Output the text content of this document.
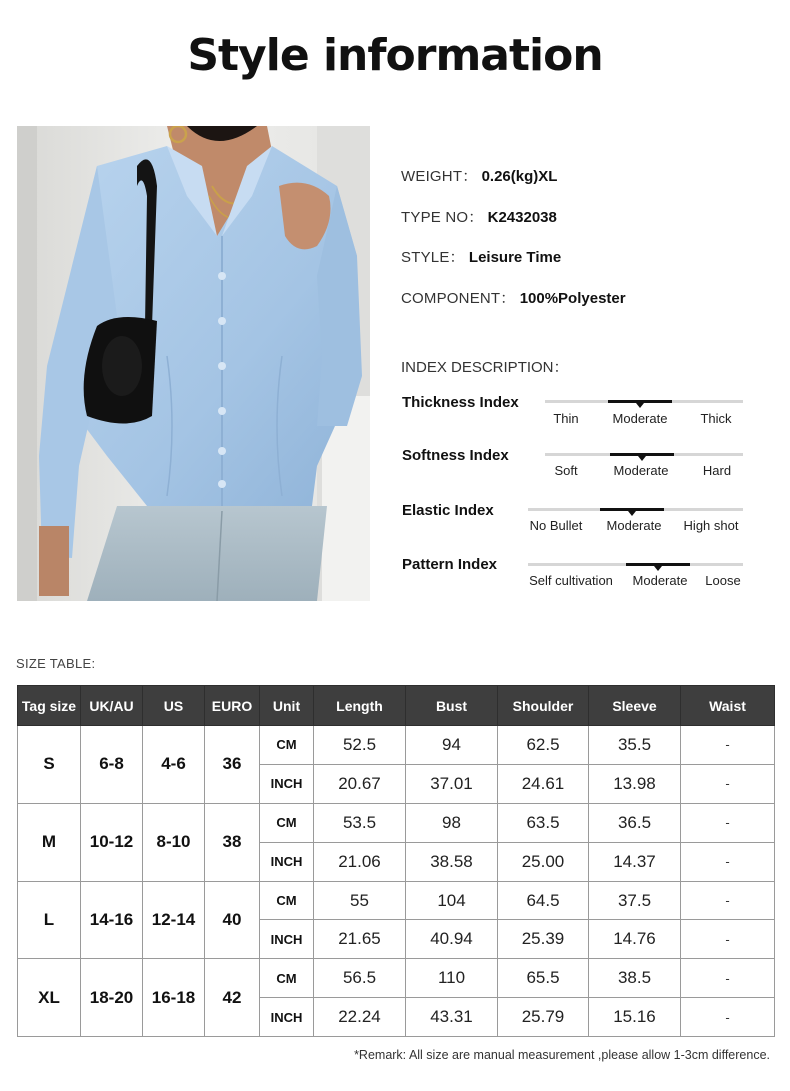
Style information
WEIGHT： 0.26(kg)XL
TYPE NO： K2432038
STYLE： Leisure Time
COMPONENT： 100%Polyester
INDEX DESCRIPTION：
Thickness Index
Thin	Moderate	Thick
Softness Index
Soft	Moderate	Hard
Elastic Index
No Bullet Moderate High shot
Pattern Index
Self cultivation Moderate Loose
SIZE TABLE:
Tag size	UK/AU	US	EURO	Unit	Length	Bust	Shoulder	Sleeve	Waist
S	6-8	4-6	36	CM	52.5	94	62.5	35.5	-
				INCH	20.67	37.01	24.61	13.98	-
M	10-12	8-10	38	CM	53.5	98	63.5	36.5	-
				INCH	21.06	38.58	25.00	14.37	-
L	14-16	12-14	40	CM	55	104	64.5	37.5	-
				INCH	21.65	40.94	25.39	14.76	-
XL	18-20	16-18	42	CM	56.5	110	65.5	38.5	-
				INCH	22.24	43.31	25.79	15.16	-
*Remark: All size are manual measurement ,please allow 1-3cm difference.
